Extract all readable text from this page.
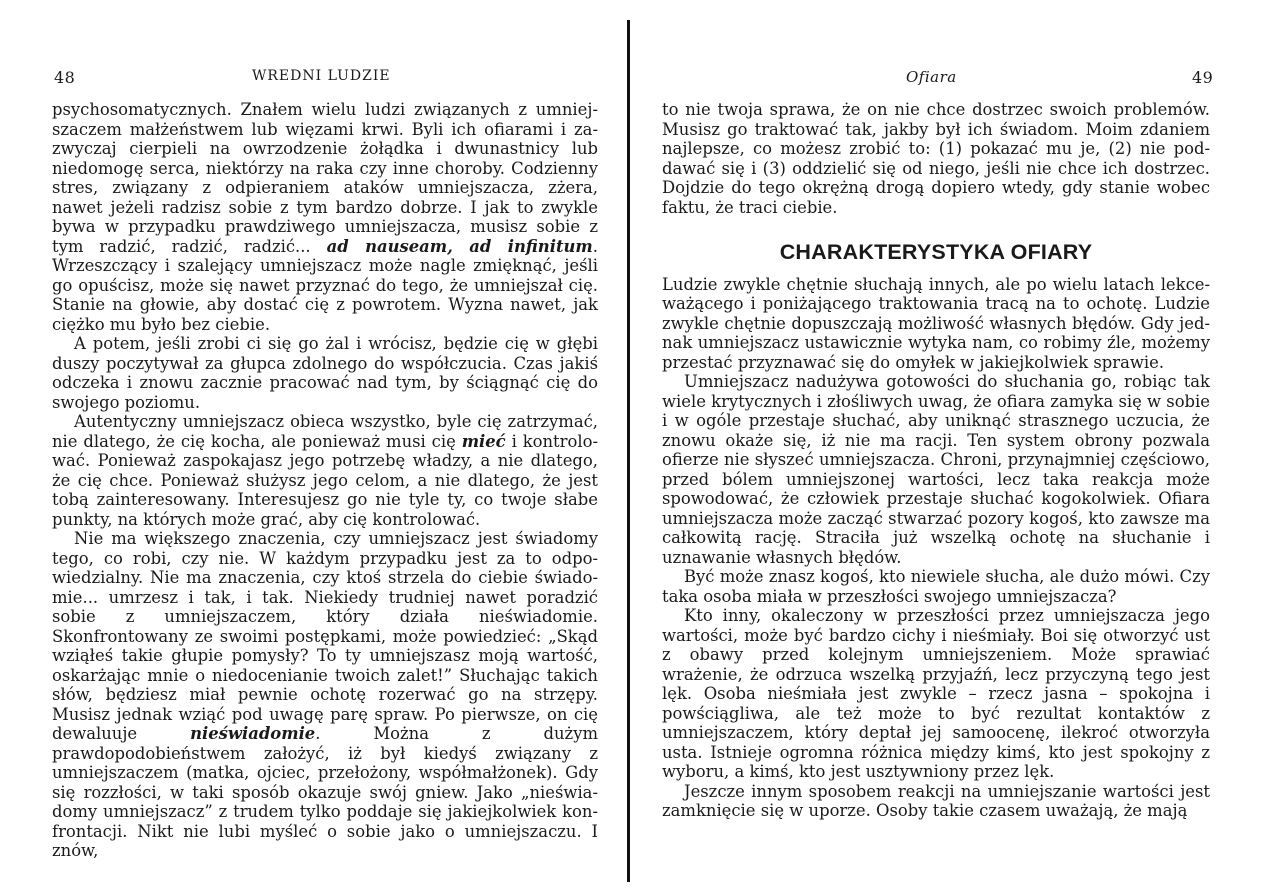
48	WREDNI LUDZIE

psychosomatycznych. Znałem wielu ludzi związanych z umniejszaczem małżeństwem lub więzami krwi. Byli ich ofiarami i zazwyczaj cierpieli na owrzodzenie żołądka i dwunastnicy lub niedomogę serca, niektórzy na raka czy inne choroby. Codzienny stres, związany z odpieraniem ataków umniejszacza, zżera, nawet jeżeli radzisz sobie z tym bardzo dobrze. I jak to zwykle bywa w przypadku prawdziwego umniejszacza, musisz sobie z tym radzić, radzić, radzić... ad nauseam, ad infinitum. Wrzeszczący i szalejący umniejszacz może nagle zmięknąć, jeśli go opuścisz, może się nawet przyznać do tego, że umniejszał cię. Stanie na głowie, aby dostać cię z powrotem. Wyzna nawet, jak ciężko mu było bez ciebie.

A potem, jeśli zrobi ci się go żal i wrócisz, będzie cię w głębi duszy poczytywał za głupca zdolnego do współczucia. Czas jakiś odczeka i znowu zacznie pracować nad tym, by ściągnąć cię do swojego poziomu.

Autentyczny umniejszacz obieca wszystko, byle cię zatrzymać, nie dlatego, że cię kocha, ale ponieważ musi cię mieć i kontrolować. Ponieważ zaspokajasz jego potrzebę władzy, a nie dlatego, że cię chce. Ponieważ służysz jego celom, a nie dlatego, że jest tobą zainteresowany. Interesujesz go nie tyle ty, co twoje słabe punkty, na których może grać, aby cię kontrolować.

Nie ma większego znaczenia, czy umniejszacz jest świadomy tego, co robi, czy nie. W każdym przypadku jest za to odpowiedzialny. Nie ma znaczenia, czy ktoś strzela do ciebie świadomie... umrzesz i tak, i tak. Niekiedy trudniej nawet poradzić sobie z umniejszaczem, który działa nieświadomie. Skonfrontowany ze swoimi postępkami, może powiedzieć: „Skąd wziąłeś takie głupie pomysły? To ty umniejszasz moją wartość, oskarżając mnie o niedocenianie twoich zalet!” Słuchając takich słów, będziesz miał pewnie ochotę rozerwać go na strzępy. Musisz jednak wziąć pod uwagę parę spraw. Po pierwsze, on cię dewaluuje	nieświadomie. Można z dużym prawdopodobieństwem założyć, iż był kiedyś związany z umniejszaczem (matka, ojciec, przełożony, współmałżonek). Gdy się rozzłości, w taki sposób okazuje swój gniew. Jako „nieświadomy umniejszacz” z trudem tylko poddaje się jakiejkolwiek konfrontacji. Nikt nie lubi myśleć o sobie jako o umniejszaczu. I znów,

Ofiara	49

to nie twoja sprawa, że on nie chce dostrzec swoich problemów. Musisz go traktować tak, jakby był ich świadom. Moim zdaniem najlepsze, co możesz zrobić to: (1) pokazać mu je, (2) nie poddawać się i (3) oddzielić się od niego, jeśli nie chce ich dostrzec. Dojdzie do tego okrężną drogą dopiero wtedy, gdy stanie wobec faktu, że traci ciebie.

CHARAKTERYSTYKA OFIARY

Ludzie zwykle chętnie słuchają innych, ale po wielu latach lekceważącego i poniżającego traktowania tracą na to ochotę. Ludzie zwykle chętnie dopuszczają możliwość własnych błędów. Gdy jednak umniejszacz ustawicznie wytyka nam, co robimy źle, możemy przestać przyznawać się do omyłek w jakiejkolwiek sprawie.

Umniejszacz nadużywa gotowości do słuchania go, robiąc tak wiele krytycznych i złośliwych uwag, że ofiara zamyka się w sobie i w ogóle przestaje słuchać, aby uniknąć strasznego uczucia, że znowu okaże się, iż nie ma racji. Ten system obrony pozwala ofierze nie słyszeć umniejszacza. Chroni, przynajmniej częściowo, przed bólem umniejszonej wartości, lecz taka reakcja może spowodować, że człowiek przestaje słuchać kogokolwiek. Ofiara umniejszacza może zacząć stwarzać pozory kogoś, kto zawsze ma całkowitą rację. Straciła już wszelką ochotę na słuchanie i uznawanie własnych błędów.

Być może znasz kogoś, kto niewiele słucha, ale dużo mówi. Czy taka osoba miała w przeszłości swojego umniejszacza?

Kto inny, okaleczony w przeszłości przez umniejszacza jego wartości, może być bardzo cichy i nieśmiały. Boi się otworzyć ust z obawy przed kolejnym umniejszeniem. Może sprawiać wrażenie, że odrzuca wszelką przyjaźń, lecz przyczyną tego jest lęk. Osoba nieśmiała jest zwykle – rzecz jasna – spokojna i powściągliwa, ale też może to być rezultat kontaktów z umniejszaczem, który deptał jej samoocenę, ilekroć otworzyła usta. Istnieje ogromna różnica między kimś, kto jest spokojny z wyboru, a kimś, kto jest usztywniony przez lęk.

Jeszcze innym sposobem reakcji na umniejszanie wartości jest zamknięcie się w uporze. Osoby takie czasem uważają, że mają
